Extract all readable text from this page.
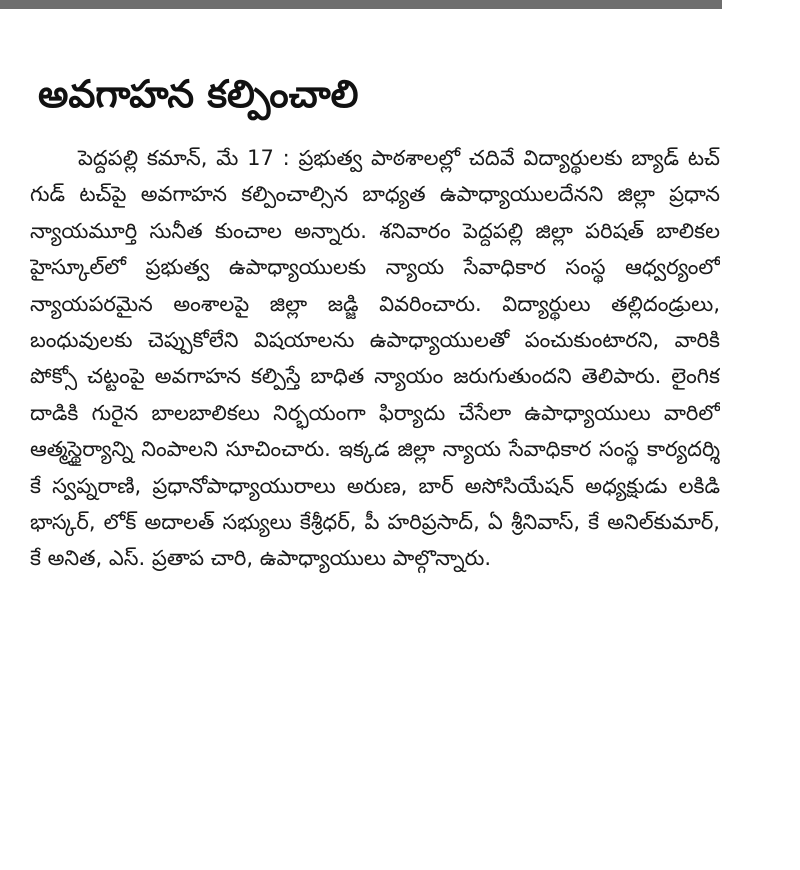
అవగాహన కల్పించాలి

పెద్దపల్లి కమాన్, మే 17 : ప్రభుత్వ పాఠశాలల్లో చదివే విద్యార్థులకు బ్యాడ్ టచ్ గుడ్ టచ్‌పై అవగాహన కల్పించాల్సిన బాధ్యత ఉపాధ్యాయులదేనని జిల్లా ప్రధాన న్యాయమూర్తి సునీత కుంచాల అన్నారు. శనివారం పెద్దపల్లి జిల్లా పరిషత్ బాలికల హైస్కూల్‌లో ప్రభుత్వ ఉపాధ్యాయులకు న్యాయ సేవాధికార సంస్థ ఆధ్వర్యంలో న్యాయపరమైన అంశాలపై జిల్లా జడ్జి వివరించారు. విద్యార్థులు తల్లిదండ్రులు, బంధువులకు చెప్పుకోలేని విషయాలను ఉపాధ్యాయులతో పంచుకుంటారని, వారికి పోక్సో చట్టంపై అవగాహన కల్పిస్తే బాధిత న్యాయం జరుగుతుందని తెలిపారు. లైంగిక దాడికి గురైన బాలబాలికలు నిర్భయంగా ఫిర్యాదు చేసేలా ఉపాధ్యాయులు వారిలో ఆత్మస్థైర్యాన్ని నింపాలని సూచించారు. ఇక్కడ జిల్లా న్యాయ సేవాధికార సంస్థ కార్యదర్శి కే స్వప్నరాణి, ప్రధానోపాధ్యాయురాలు అరుణ, బార్ అసోసియేషన్ అధ్యక్షుడు లకిడి భాస్కర్, లోక్ అదాలత్ సభ్యులు కేశ్రీధర్, పీ హరిప్రసాద్, ఏ శ్రీనివాస్, కే అనిల్‌కుమార్, కే అనిత, ఎస్. ప్రతాప చారి, ఉపాధ్యాయులు పాల్గొన్నారు.
